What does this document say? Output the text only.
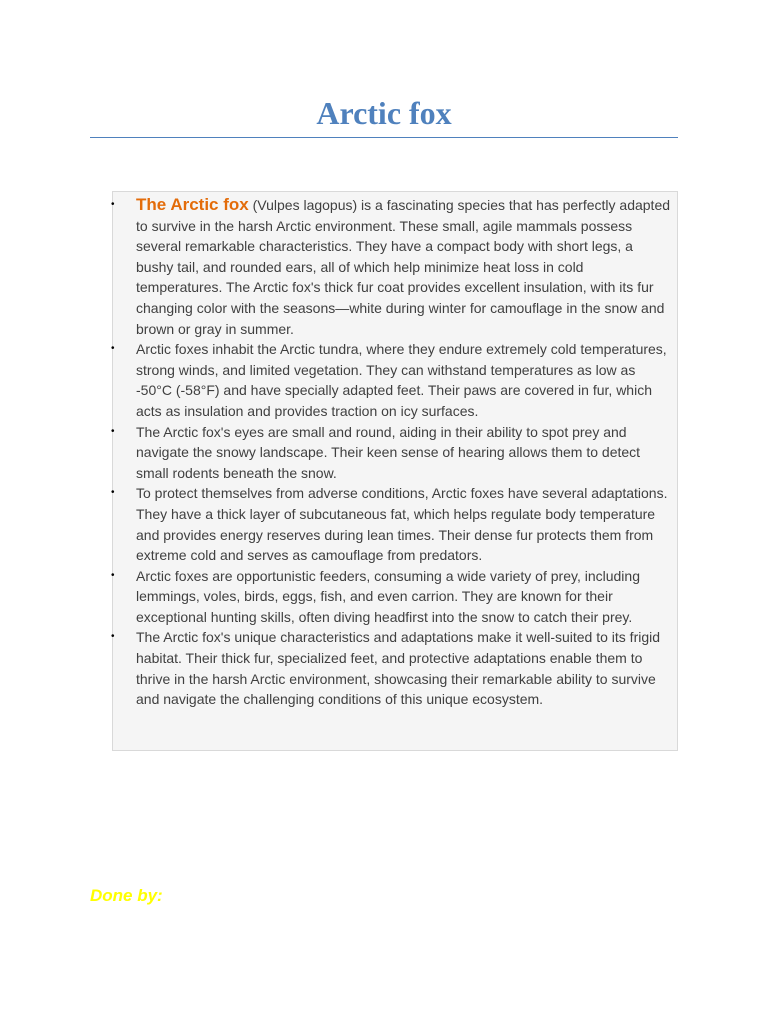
Arctic fox
• The Arctic fox (Vulpes lagopus) is a fascinating species that has perfectly adapted to survive in the harsh Arctic environment. These small, agile mammals possess several remarkable characteristics. They have a compact body with short legs, a bushy tail, and rounded ears, all of which help minimize heat loss in cold temperatures. The Arctic fox's thick fur coat provides excellent insulation, with its fur changing color with the seasons—white during winter for camouflage in the snow and brown or gray in summer.
• Arctic foxes inhabit the Arctic tundra, where they endure extremely cold temperatures, strong winds, and limited vegetation. They can withstand temperatures as low as -50°C (-58°F) and have specially adapted feet. Their paws are covered in fur, which acts as insulation and provides traction on icy surfaces.
• The Arctic fox's eyes are small and round, aiding in their ability to spot prey and navigate the snowy landscape. Their keen sense of hearing allows them to detect small rodents beneath the snow.
• To protect themselves from adverse conditions, Arctic foxes have several adaptations. They have a thick layer of subcutaneous fat, which helps regulate body temperature and provides energy reserves during lean times. Their dense fur protects them from extreme cold and serves as camouflage from predators.
• Arctic foxes are opportunistic feeders, consuming a wide variety of prey, including lemmings, voles, birds, eggs, fish, and even carrion. They are known for their exceptional hunting skills, often diving headfirst into the snow to catch their prey.
• The Arctic fox's unique characteristics and adaptations make it well-suited to its frigid habitat. Their thick fur, specialized feet, and protective adaptations enable them to thrive in the harsh Arctic environment, showcasing their remarkable ability to survive and navigate the challenging conditions of this unique ecosystem.

Done by:
